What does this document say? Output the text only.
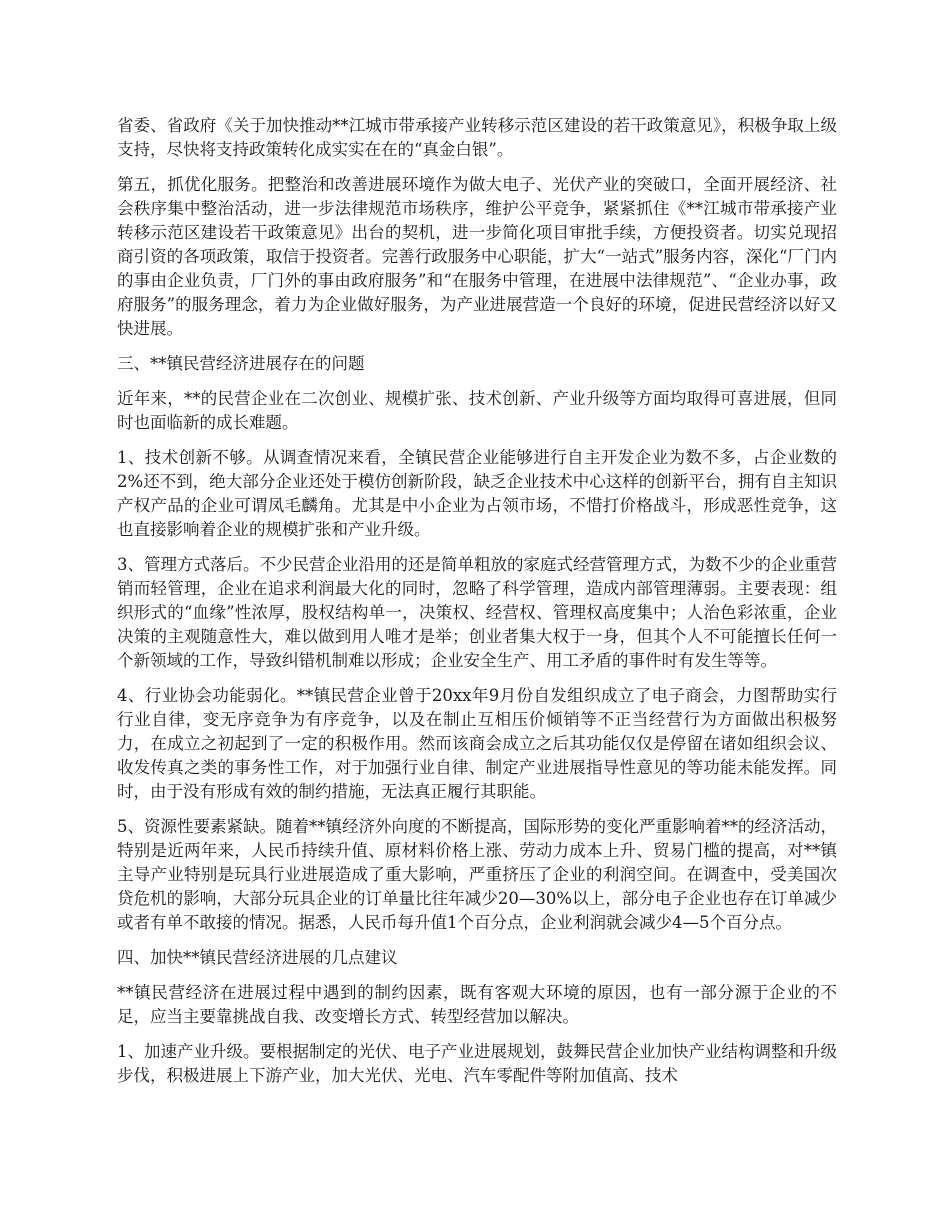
省委、省政府《关于加快推动**江城市带承接产业转移示范区建设的若干政策意见》，积极争取上级支持，尽快将支持政策转化成实实在在的“真金白银”。

第五，抓优化服务。把整治和改善进展环境作为做大电子、光伏产业的突破口，全面开展经济、社会秩序集中整治活动，进一步法律规范市场秩序，维护公平竞争，紧紧抓住《**江城市带承接产业转移示范区建设若干政策意见》出台的契机，进一步简化项目审批手续，方便投资者。切实兑现招商引资的各项政策，取信于投资者。完善行政服务中心职能，扩大“一站式”服务内容，深化“厂门内的事由企业负责，厂门外的事由政府服务”和“在服务中管理，在进展中法律规范”、“企业办事，政府服务”的服务理念，着力为企业做好服务，为产业进展营造一个良好的环境，促进民营经济以好又快进展。

三、**镇民营经济进展存在的问题

近年来，**的民营企业在二次创业、规模扩张、技术创新、产业升级等方面均取得可喜进展，但同时也面临新的成长难题。

1、技术创新不够。从调查情况来看，全镇民营企业能够进行自主开发企业为数不多，占企业数的2%还不到，绝大部分企业还处于模仿创新阶段，缺乏企业技术中心这样的创新平台，拥有自主知识产权产品的企业可谓凤毛麟角。尤其是中小企业为占领市场，不惜打价格战斗，形成恶性竞争，这也直接影响着企业的规模扩张和产业升级。

3、管理方式落后。不少民营企业沿用的还是简单粗放的家庭式经营管理方式，为数不少的企业重营销而轻管理，企业在追求利润最大化的同时，忽略了科学管理，造成内部管理薄弱。主要表现：组织形式的“血缘”性浓厚，股权结构单一，决策权、经营权、管理权高度集中；人治色彩浓重，企业决策的主观随意性大，难以做到用人唯才是举；创业者集大权于一身，但其个人不可能擅长任何一个新领域的工作，导致纠错机制难以形成；企业安全生产、用工矛盾的事件时有发生等等。

4、行业协会功能弱化。**镇民营企业曾于20xx年9月份自发组织成立了电子商会，力图帮助实行行业自律，变无序竞争为有序竞争，以及在制止互相压价倾销等不正当经营行为方面做出积极努力，在成立之初起到了一定的积极作用。然而该商会成立之后其功能仅仅是停留在诸如组织会议、收发传真之类的事务性工作，对于加强行业自律、制定产业进展指导性意见的等功能未能发挥。同时，由于没有形成有效的制约措施，无法真正履行其职能。

5、资源性要素紧缺。随着**镇经济外向度的不断提高，国际形势的变化严重影响着**的经济活动，特别是近两年来，人民币持续升值、原材料价格上涨、劳动力成本上升、贸易门槛的提高，对**镇主导产业特别是玩具行业进展造成了重大影响，严重挤压了企业的利润空间。在调查中，受美国次贷危机的影响，大部分玩具企业的订单量比往年减少20—30%以上，部分电子企业也存在订单减少或者有单不敢接的情况。据悉，人民币每升值1个百分点，企业利润就会减少4—5个百分点。

四、加快**镇民营经济进展的几点建议

**镇民营经济在进展过程中遇到的制约因素，既有客观大环境的原因，也有一部分源于企业的不足，应当主要靠挑战自我、改变增长方式、转型经营加以解决。

1、加速产业升级。要根据制定的光伏、电子产业进展规划，鼓舞民营企业加快产业结构调整和升级步伐，积极进展上下游产业，加大光伏、光电、汽车零配件等附加值高、技术
